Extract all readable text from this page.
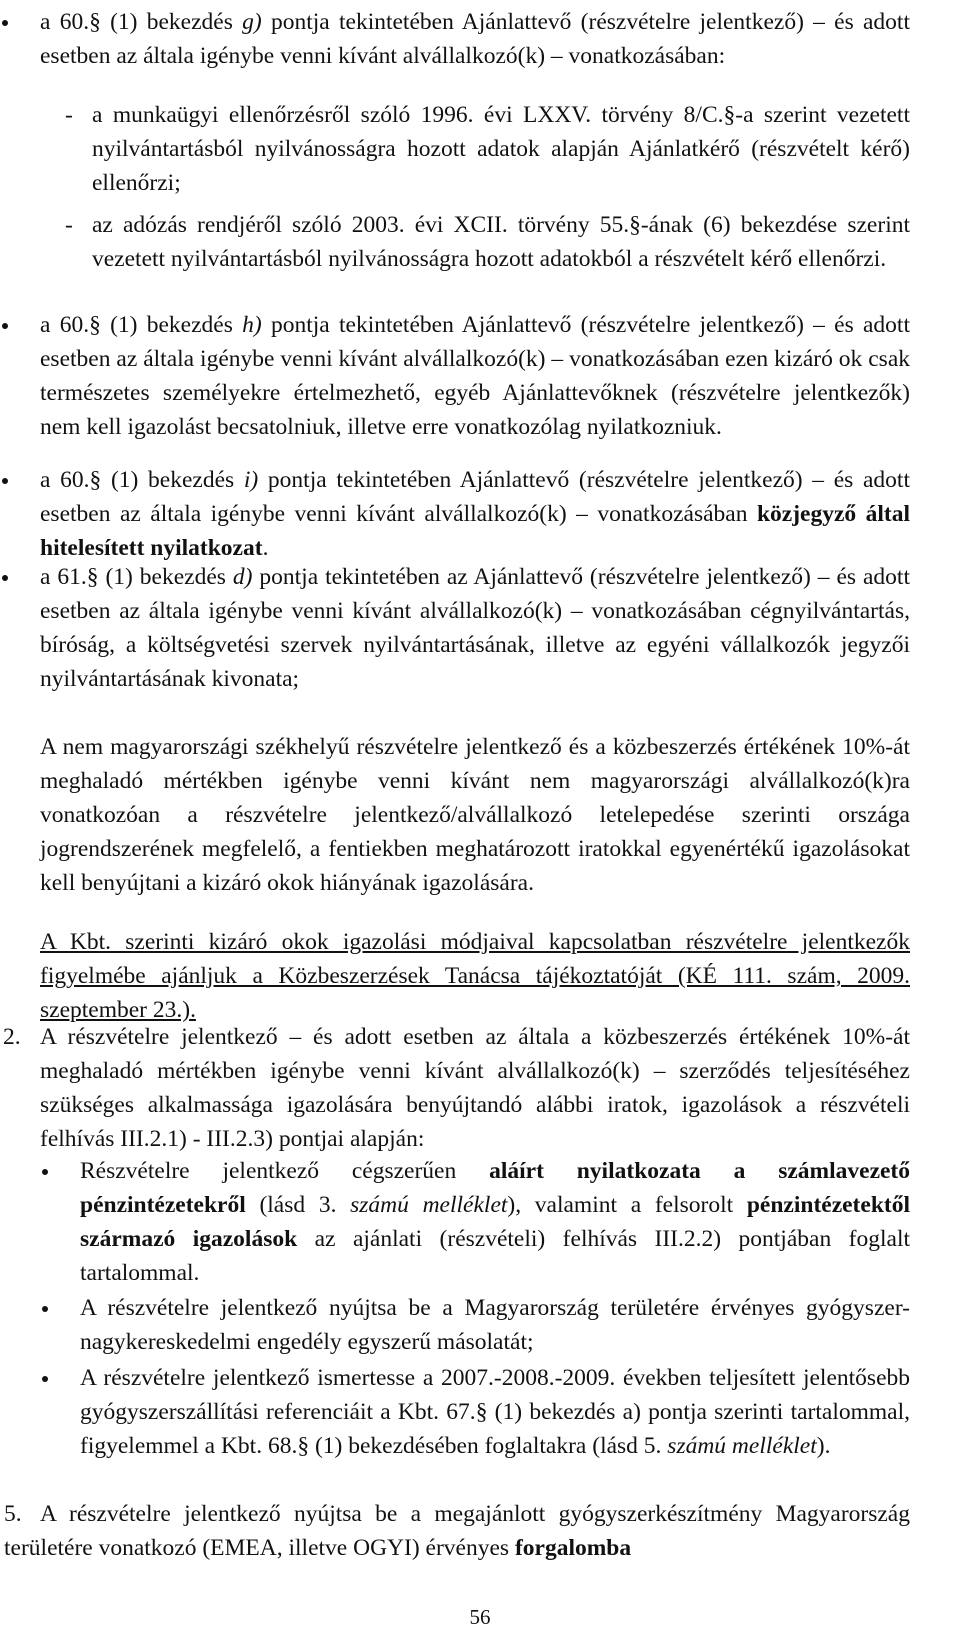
a 60.§ (1) bekezdés g) pontja tekintetében Ajánlattevő (részvételre jelentkező) – és adott esetben az általa igénybe venni kívánt alvállalkozó(k) – vonatkozásában:
- a munkaügyi ellenőrzésről szóló 1996. évi LXXV. törvény 8/C.§-a szerint vezetett nyilvántartásból nyilvánosságra hozott adatok alapján Ajánlatkérő (részvételt kérő) ellenőrzi;
- az adózás rendjéről szóló 2003. évi XCII. törvény 55.§-ának (6) bekezdése szerint vezetett nyilvántartásból nyilvánosságra hozott adatokból a részvételt kérő ellenőrzi.
a 60.§ (1) bekezdés h) pontja tekintetében Ajánlattevő (részvételre jelentkező) – és adott esetben az általa igénybe venni kívánt alvállalkozó(k) – vonatkozásában ezen kizáró ok csak természetes személyekre értelmezhető, egyéb Ajánlattevőknek (részvételre jelentkezők) nem kell igazolást becsatolniuk, illetve erre vonatkozólag nyilatkozniuk.
a 60.§ (1) bekezdés i) pontja tekintetében Ajánlattevő (részvételre jelentkező) – és adott esetben az általa igénybe venni kívánt alvállalkozó(k) – vonatkozásában közjegyző által hitelesített nyilatkozat.
a 61.§ (1) bekezdés d) pontja tekintetében az Ajánlattevő (részvételre jelentkező) – és adott esetben az általa igénybe venni kívánt alvállalkozó(k) – vonatkozásában cégnyilvántartás, bíróság, a költségvetési szervek nyilvántartásának, illetve az egyéni vállalkozók jegyzői nyilvántartásának kivonata;
A nem magyarországi székhelyű részvételre jelentkező és a közbeszerzés értékének 10%-át meghaladó mértékben igénybe venni kívánt nem magyarországi alvállalkozó(k)ra vonatkozóan a részvételre jelentkező/alvállalkozó letelepedése szerinti országa jogrendszerének megfelelő, a fentiekben meghatározott iratokkal egyenértékű igazolásokat kell benyújtani a kizáró okok hiányának igazolására.
A Kbt. szerinti kizáró okok igazolási módjaival kapcsolatban részvételre jelentkezők figyelmébe ajánljuk a Közbeszerzések Tanácsa tájékoztatóját (KÉ 111. szám, 2009. szeptember 23.).
2. A részvételre jelentkező – és adott esetben az általa a közbeszerzés értékének 10%-át meghaladó mértékben igénybe venni kívánt alvállalkozó(k) – szerződés teljesítéséhez szükséges alkalmassága igazolására benyújtandó alábbi iratok, igazolások a részvételi felhívás III.2.1) - III.2.3) pontjai alapján:
Részvételre jelentkező cégszerűen aláírt nyilatkozata a számlavezető pénzintézetekről (lásd 3. számú melléklet), valamint a felsorolt pénzintézetektől származó igazolások az ajánlati (részvételi) felhívás III.2.2) pontjában foglalt tartalommal.
A részvételre jelentkező nyújtsa be a Magyarország területére érvényes gyógyszer-nagykereskedelmi engedély egyszerű másolatát;
A részvételre jelentkező ismertesse a 2007.-2008.-2009. években teljesített jelentősebb gyógyszerszállítási referenciáit a Kbt. 67.§ (1) bekezdés a) pontja szerinti tartalommal, figyelemmel a Kbt. 68.§ (1) bekezdésében foglaltakra (lásd 5. számú melléklet).
5. A részvételre jelentkező nyújtsa be a megajánlott gyógyszerkészítmény Magyarország területére vonatkozó (EMEA, illetve OGYI) érvényes forgalomba
56
